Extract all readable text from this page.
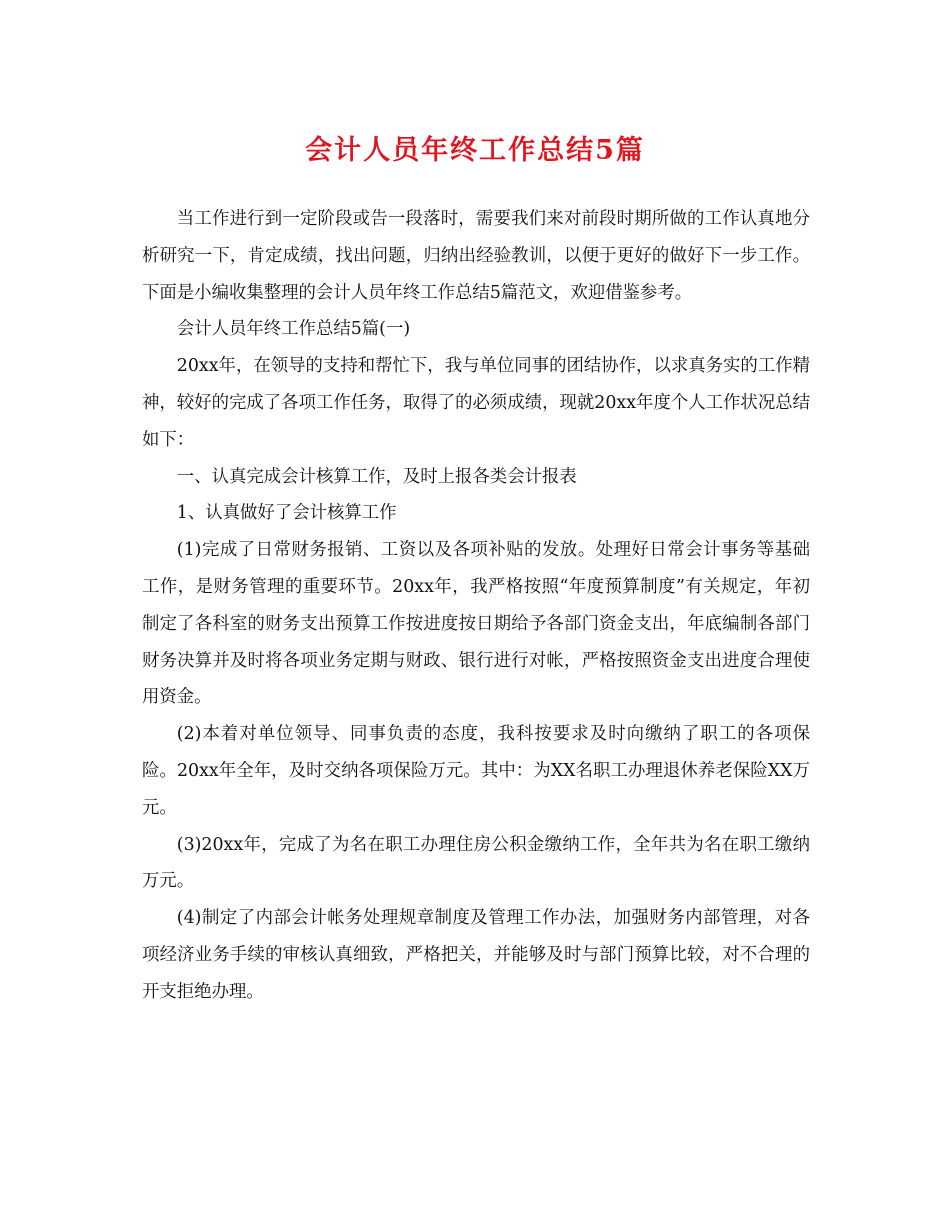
会计人员年终工作总结5篇

当工作进行到一定阶段或告一段落时，需要我们来对前段时期所做的工作认真地分析研究一下，肯定成绩，找出问题，归纳出经验教训，以便于更好的做好下一步工作。下面是小编收集整理的会计人员年终工作总结5篇范文，欢迎借鉴参考。

会计人员年终工作总结5篇(一)

20xx年，在领导的支持和帮忙下，我与单位同事的团结协作，以求真务实的工作精神，较好的完成了各项工作任务，取得了的必须成绩，现就20xx年度个人工作状况总结如下：

一、认真完成会计核算工作，及时上报各类会计报表

1、认真做好了会计核算工作

(1)完成了日常财务报销、工资以及各项补贴的发放。处理好日常会计事务等基础工作，是财务管理的重要环节。20xx年，我严格按照“年度预算制度”有关规定，年初制定了各科室的财务支出预算工作按进度按日期给予各部门资金支出，年底编制各部门财务决算并及时将各项业务定期与财政、银行进行对帐，严格按照资金支出进度合理使用资金。

(2)本着对单位领导、同事负责的态度，我科按要求及时向缴纳了职工的各项保险。20xx年全年，及时交纳各项保险万元。其中：为XX名职工办理退休养老保险XX万元。

(3)20xx年，完成了为名在职工办理住房公积金缴纳工作，全年共为名在职工缴纳万元。

(4)制定了内部会计帐务处理规章制度及管理工作办法，加强财务内部管理，对各项经济业务手续的审核认真细致，严格把关，并能够及时与部门预算比较，对不合理的开支拒绝办理。
